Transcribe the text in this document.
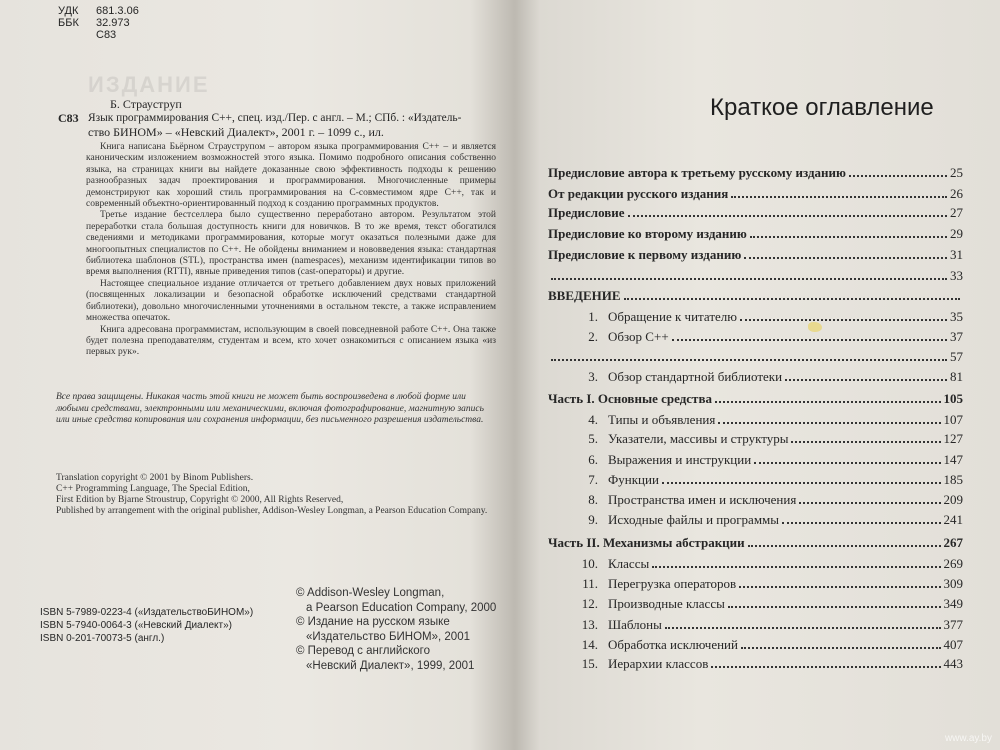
УДК	681.3.06
ББК	32.973
С83
ИЗДАНИЕ
Б. Страуструп
С83 Язык программирования С++, спец. изд./Пер. с англ. – М.; СПб. : «Издатель-
ство БИНОМ» – «Невский Диалект», 2001 г. – 1099 с., ил.

Книга написана Бьёрном Страуструпом – автором языка программирования С++ – и является каноническим изложением возможностей этого языка. Помимо подробного описания собственно языка, на страницах книги вы найдете доказанные свою эффективность подходы к решению разнообразных задач проектирования и программирования. Многочисленные примеры демонстрируют как хороший стиль программирования на С-совместимом ядре С++, так и современный объектно-ориентированный подход к созданию программных продуктов.

Третье издание бестселлера было существенно переработано автором. Результатом этой переработки стала большая доступность книги для новичков. В то же время, текст обогатился сведениями и методиками программирования, которые могут оказаться полезными даже для многоопытных специалистов по С++. Не обойдены вниманием и нововведения языка: стандартная библиотека шаблонов (STL), пространства имен (namespaces), механизм идентификации типов во время выполнения (RTTI), явные приведения типов (cast-операторы) и другие.

Настоящее специальное издание отличается от третьего добавлением двух новых приложений (посвященных локализации и безопасной обработке исключений средствами стандартной библиотеки), довольно многочисленными уточнениями в остальном тексте, а также исправлением множества опечаток.

Книга адресована программистам, использующим в своей повседневной работе С++. Она также будет полезна преподавателям, студентам и всем, кто хочет ознакомиться с описанием языка «из первых рук».

Все права защищены. Никакая часть этой книги не может быть воспроизведена в любой форме или любыми средствами, электронными или механическими, включая фотографирование, магнитную запись или иные средства копирования или сохранения информации, без письменного разрешения издательства.
Translation copyright © 2001 by Binom Publishers.
C++ Programming Language, The Special Edition,
First Edition by Bjarne Stroustrup, Copyright © 2000, All Rights Reserved,
Published by arrangement with the original publisher, Addison-Wesley Longman, a Pearson Education Company.
ISBN 5-7989-0223-4 («ИздательствоБИНОМ»)
ISBN 5-7940-0064-3 («Невский Диалект»)
ISBN 0-201-70073-5 (англ.)
© Addison-Wesley Longman,
a Pearson Education Company, 2000
© Издание на русском языке
«Издательство БИНОМ», 2001
© Перевод с английского
«Невский Диалект», 1999, 2001
Краткое оглавление
Предисловие автора к третьему русскому изданию	25
От редакции русского издания	26
Предисловие	27
Предисловие ко второму изданию	29
Предисловие к первому изданию	31
33
ВВЕДЕНИЕ
1. Обращение к читателю	35
2. Обзор С++	37
57
3. Обзор стандартной библиотеки	81
Часть I. Основные средства	105
4. Типы и объявления	107
5. Указатели, массивы и структуры	127
6. Выражения и инструкции	147
7. Функции	185
8. Пространства имен и исключения	209
9. Исходные файлы и программы	241
Часть II. Механизмы абстракции	267
10. Классы	269
11. Перегрузка операторов	309
12. Производные классы	349
13. Шаблоны	377
14. Обработка исключений	407
15. Иерархии классов	443
www.ay.by
